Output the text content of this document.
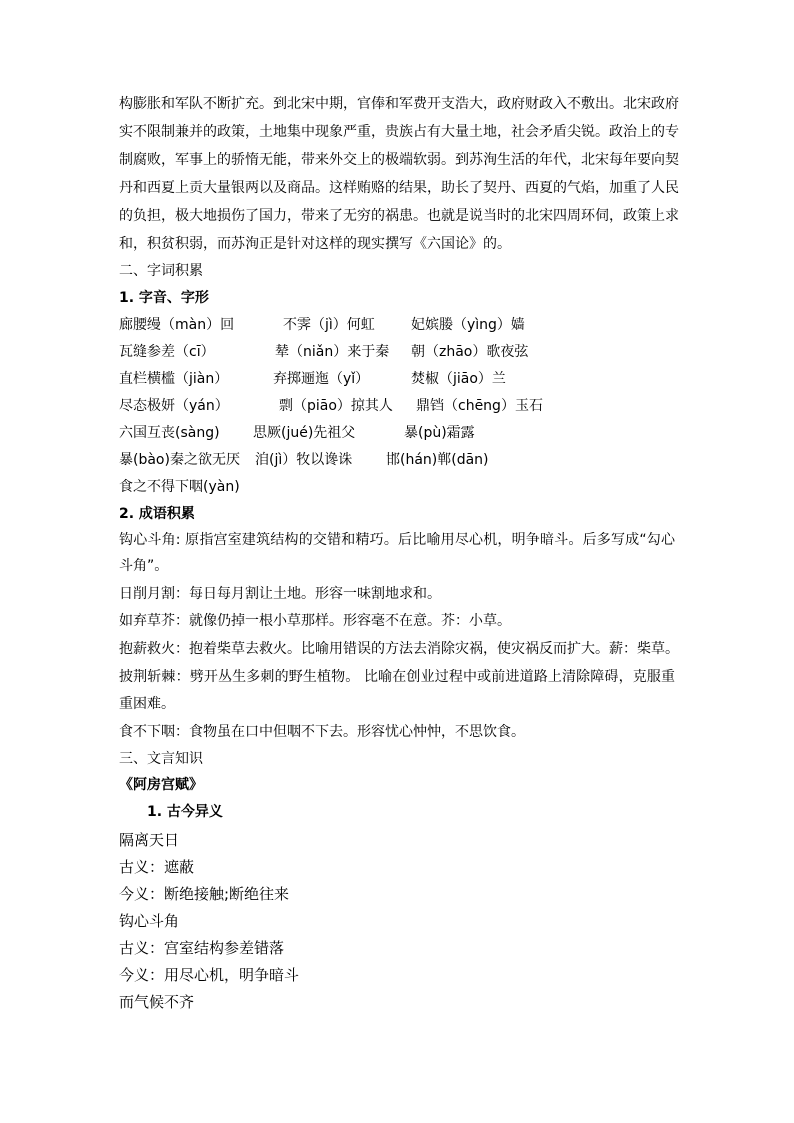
构膨胀和军队不断扩充。到北宋中期，官俸和军费开支浩大，政府财政入不敷出。北宋政府
实不限制兼并的政策，土地集中现象严重，贵族占有大量土地，社会矛盾尖锐。政治上的专
制腐败，军事上的骄惰无能，带来外交上的极端软弱。到苏洵生活的年代，北宋每年要向契
丹和西夏上贡大量银两以及商品。这样贿赂的结果，助长了契丹、西夏的气焰，加重了人民
的负担，极大地损伤了国力，带来了无穷的祸患。也就是说当时的北宋四周环伺，政策上求
和，积贫积弱，而苏洵正是针对这样的现实撰写《六国论》的。
二、字词积累
1. 字音、字形
廊腰缦（màn）回	不霁（jì）何虹	妃嫔媵（yìng）嫱
瓦缝参差（cī）	辇（niǎn）来于秦 朝（zhāo）歌夜弦
直栏横槛（jiàn）	弃掷逦迤（yǐ）	焚椒（jiāo）兰
尽态极妍（yán）	剽（piāo）掠其人 鼎铛（chēng）玉石
六国互丧(sàng) 思厥(jué)先祖父	暴(pù)霜露
暴(bào)秦之欲无厌 洎(jì）牧以谗诛 邯(hán)郸(dān)
食之不得下咽(yàn)
2. 成语积累
钩心斗角: 原指宫室建筑结构的交错和精巧。后比喻用尽心机，明争暗斗。后多写成“勾心
斗角”。
日削月割：每日每月割让土地。形容一味割地求和。
如弃草芥：就像仍掉一根小草那样。形容毫不在意。芥：小草。
抱薪救火：抱着柴草去救火。比喻用错误的方法去消除灾祸，使灾祸反而扩大。薪：柴草。
披荆斩棘：劈开丛生多刺的野生植物。 比喻在创业过程中或前进道路上清除障碍，克服重
重困难。
食不下咽：食物虽在口中但咽不下去。形容忧心忡忡，不思饮食。
三、文言知识
《阿房宫赋》
1. 古今异义
隔离天日
古义：遮蔽
今义：断绝接触;断绝往来
钩心斗角
古义：宫室结构参差错落
今义：用尽心机，明争暗斗
而气候不齐
